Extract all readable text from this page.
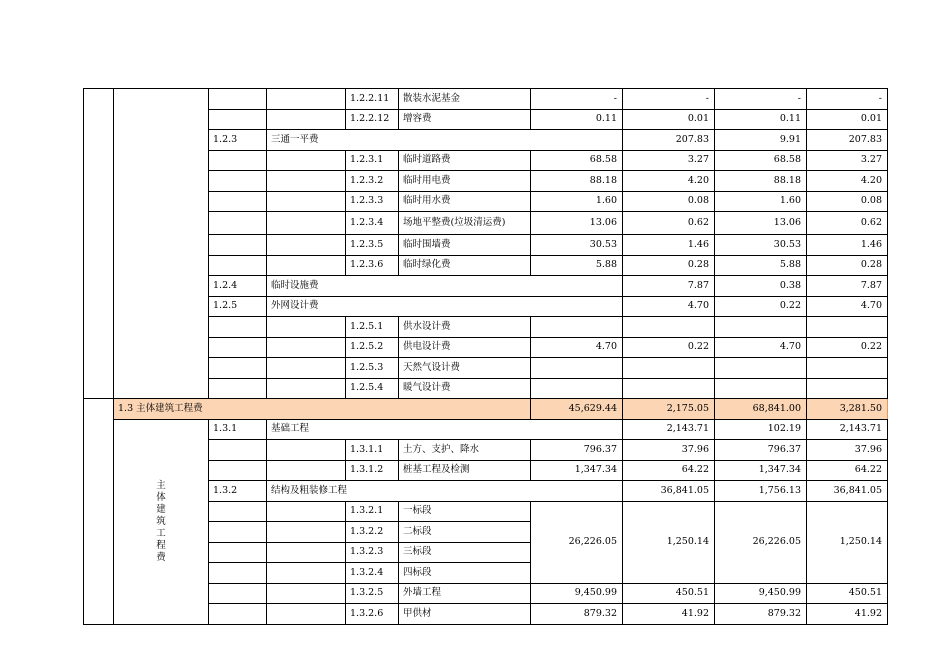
				1.2.2.11	散装水泥基金	-	-	-	-	
				1.2.2.12	增容费	0.11	0.01	0.11	0.01	
		1.2.3	三通一平费				207.83	9.91	207.83	
				1.2.3.1	临时道路费	68.58	3.27	68.58	3.27	
				1.2.3.2	临时用电费	88.18	4.20	88.18	4.20	
				1.2.3.3	临时用水费	1.60	0.08	1.60	0.08	
				1.2.3.4	场地平整费(垃圾清运费)	13.06	0.62	13.06	0.62	
				1.2.3.5	临时围墙费	30.53	1.46	30.53	1.46	
				1.2.3.6	临时绿化费	5.88	0.28	5.88	0.28	
		1.2.4	临时设施费				7.87	0.38	7.87	
		1.2.5	外网设计费				4.70	0.22	4.70	
				1.2.5.1	供水设计费					
				1.2.5.2	供电设计费	4.70	0.22	4.70	0.22	
				1.2.5.3	天然气设计费					
				1.2.5.4	暖气设计费					
	1.3 主体建筑工程费					45,629.44	2,175.05	68,841.00	3,281.50	
	主体建筑工程费	1.3.1	基础工程				2,143.71	102.19	2,143.71	
				1.3.1.1	土方、支护、降水	796.37	37.96	796.37	37.96	
				1.3.1.2	桩基工程及检测	1,347.34	64.22	1,347.34	64.22	
		1.3.2	结构及粗装修工程				36,841.05	1,756.13	36,841.05	
				1.3.2.1	一标段	26,226.05	1,250.14	26,226.05	1,250.14	
				1.3.2.2	二标段					
				1.3.2.3	三标段					
				1.3.2.4	四标段					
				1.3.2.5	外墙工程	9,450.99	450.51	9,450.99	450.51	
				1.3.2.6	甲供材	879.32	41.92	879.32	41.92	
